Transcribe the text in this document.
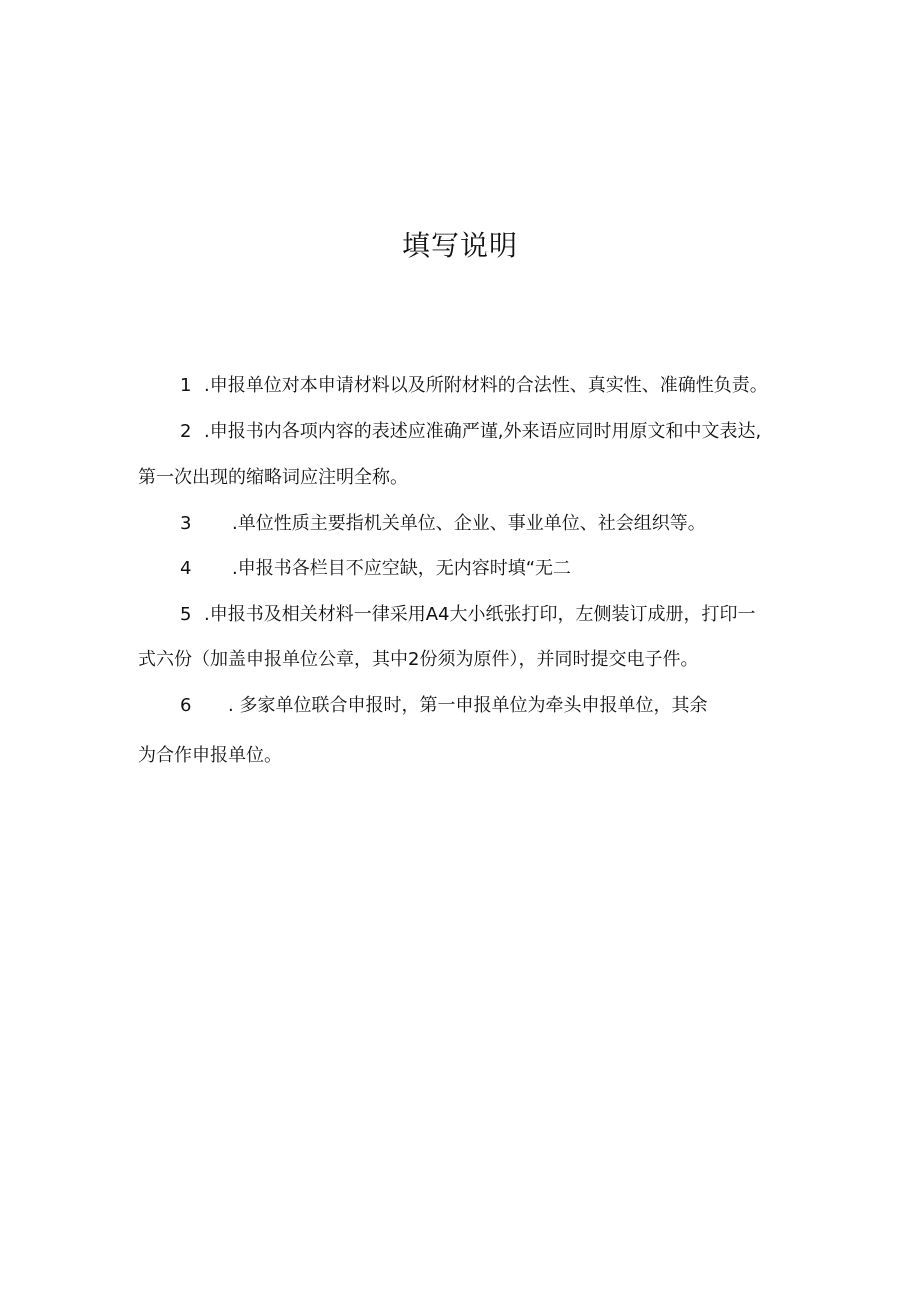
填写说明
1 .申报单位对本申请材料以及所附材料的合法性、真实性、准确性负责。
2 .申报书内各项内容的表述应准确严谨,外来语应同时用原文和中文表达,
第一次出现的缩略词应注明全称。
3 .单位性质主要指机关单位、企业、事业单位、社会组织等。
4 .申报书各栏目不应空缺，无内容时填“无二
5 .申报书及相关材料一律采用A4大小纸张打印，左侧装订成册，打印一
式六份（加盖申报单位公章，其中2份须为原件），并同时提交电子件。
6 . 多家单位联合申报时，第一申报单位为牵头申报单位，其余
为合作申报单位。
